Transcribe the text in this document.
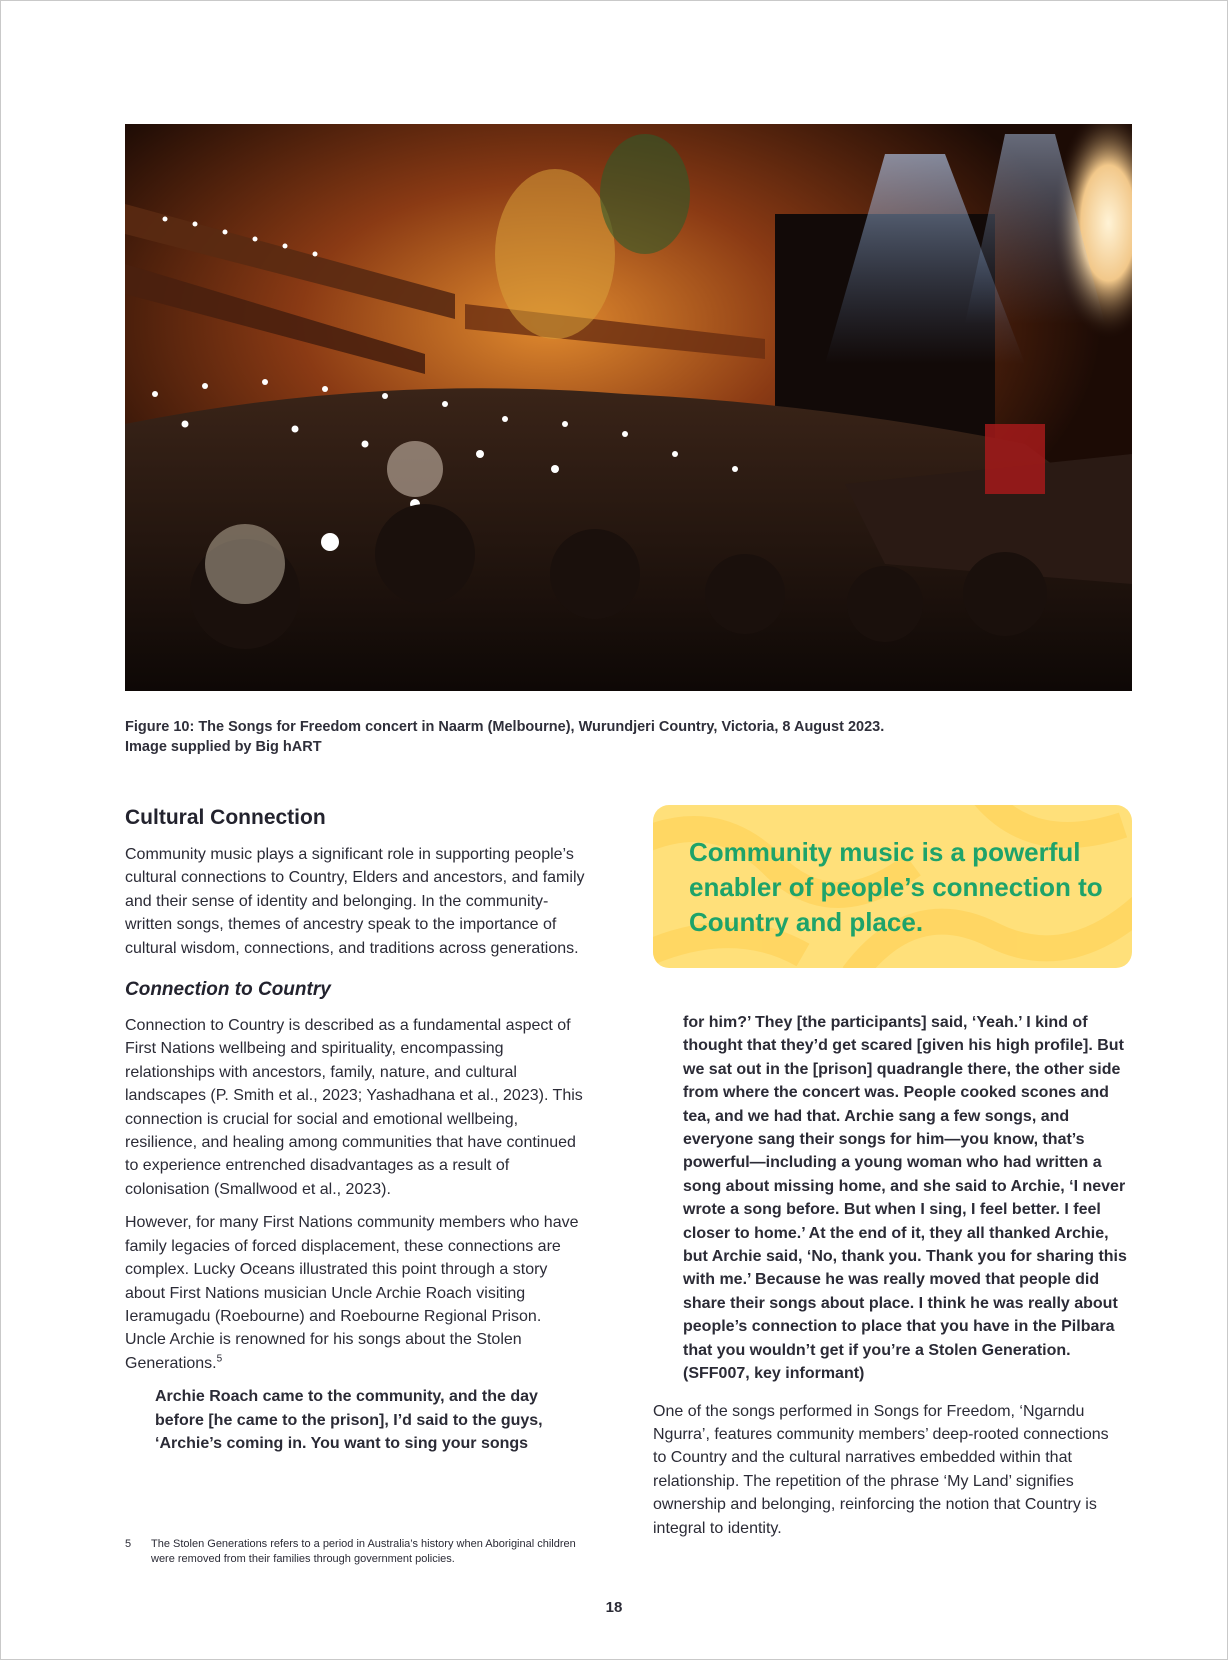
Figure 10: The Songs for Freedom concert in Naarm (Melbourne), Wurundjeri Country, Victoria, 8 August 2023.
Image supplied by Big hART
Cultural Connection

Community music plays a significant role in supporting people’s cultural connections to Country, Elders and ancestors, and family and their sense of identity and belonging. In the community-written songs, themes of ancestry speak to the importance of cultural wisdom, connections, and traditions across generations.

Connection to Country

Connection to Country is described as a fundamental aspect of First Nations wellbeing and spirituality, encompassing relationships with ancestors, family, nature, and cultural landscapes (P. Smith et al., 2023; Yashadhana et al., 2023). This connection is crucial for social and emotional wellbeing, resilience, and healing among communities that have continued to experience entrenched disadvantages as a result of colonisation (Smallwood et al., 2023).

However, for many First Nations community members who have family legacies of forced displacement, these connections are complex. Lucky Oceans illustrated this point through a story about First Nations musician Uncle Archie Roach visiting Ieramugadu (Roebourne) and Roebourne Regional Prison. Uncle Archie is renowned for his songs about the Stolen Generations.$^5$

Archie Roach came to the community, and the day before [he came to the prison], I’d said to the guys, ‘Archie’s coming in. You want to sing your songs

Community music is a powerful enabler of people’s connection to Country and place.

for him?’ They [the participants] said, ‘Yeah.’ I kind of thought that they’d get scared [given his high profile]. But we sat out in the [prison] quadrangle there, the other side from where the concert was. People cooked scones and tea, and we had that. Archie sang a few songs, and everyone sang their songs for him—you know, that’s powerful—including a young woman who had written a song about missing home, and she said to Archie, ‘I never wrote a song before. But when I sing, I feel better. I feel closer to home.’ At the end of it, they all thanked Archie, but Archie said, ‘No, thank you. Thank you for sharing this with me.’ Because he was really moved that people did share their songs about place. I think he was really about people’s connection to place that you have in the Pilbara that you wouldn’t get if you’re a Stolen Generation. (SFF007, key informant)

One of the songs performed in Songs for Freedom, ‘Ngarndu Ngurra’, features community members’ deep-rooted connections to Country and the cultural narratives embedded within that relationship. The repetition of the phrase ‘My Land’ signifies ownership and belonging, reinforcing the notion that Country is integral to identity.

5	The Stolen Generations refers to a period in Australia’s history when Aboriginal children were removed from their families through government policies.
18
